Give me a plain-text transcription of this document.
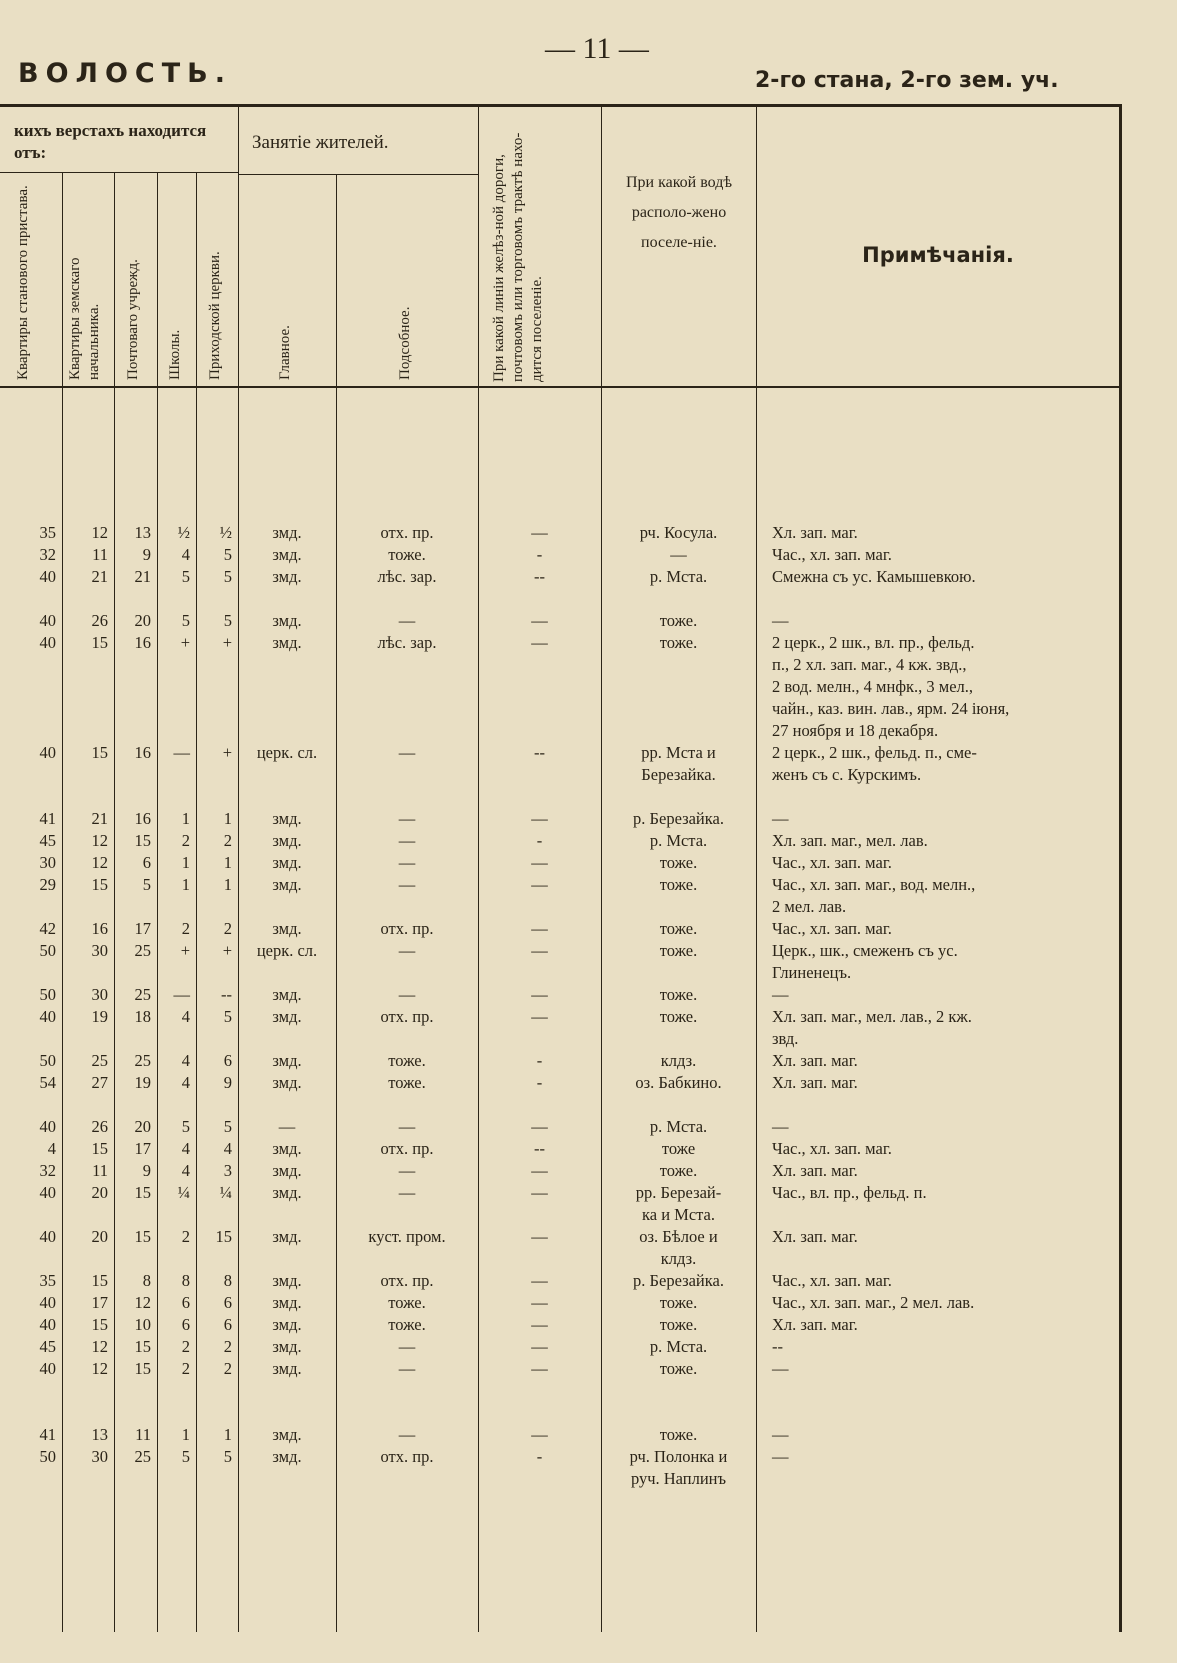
ВОЛОСТЬ.
— 11 —
2-го стана, 2-го зем. уч.
кихъ верстахъ находится отъ:	Занятіе жителей.
Квартиры станового пристава.	Квартиры земскаго начальника.	Почтоваго учрежд.	Школы.	Приходской церкви.	Главное.	Подсобное.	При какой линіи желѣз-ной дороги, почтовомъ или торговомъ трактѣ нахо-дится поселеніе.
При какой водѣ располо-жено поселе-ніе.
Примѣчанія.
35	12	13	½	½	змд.	отх. пр.	—	рч. Косула.	Хл. зап. маг.
32	11	9	4	5	змд.	тоже.	-	—	Час., хл. зап. маг.
40	21	21	5	5	змд.	лѣс. зар.	--	р. Мста.	Смежна съ ус. Камышевкою.

40	26	20	5	5	змд.	—	—	тоже.	—
40	15	16	+	+	змд.	лѣс. зар.	—	тоже.	2 церк., 2 шк., вл. пр., фельд.
									п., 2 хл. зап. маг., 4 кж. звд.,
									2 вод. мелн., 4 мнфк., 3 мел.,
									чайн., каз. вин. лав., ярм. 24 іюня,
									27 ноября и 18 декабря.
40	15	16	—	+	церк. сл.	—	--	рр. Мста и	2 церк., 2 шк., фельд. п., сме-
								Березайка.	женъ съ с. Курскимъ.

41	21	16	1	1	змд.	—	—	р. Березайка.	—
45	12	15	2	2	змд.	—	-	р. Мста.	Хл. зап. маг., мел. лав.
30	12	6	1	1	змд.	—	—	тоже.	Час., хл. зап. маг.
29	15	5	1	1	змд.	—	—	тоже.	Час., хл. зап. маг., вод. мелн.,
									2 мел. лав.
42	16	17	2	2	змд.	отх. пр.	—	тоже.	Час., хл. зап. маг.
50	30	25	+	+	церк. сл.	—	—	тоже.	Церк., шк., смеженъ съ ус.
									Глиненецъ.
50	30	25	—	--	змд.	—	—	тоже.	—
40	19	18	4	5	змд.	отх. пр.	—	тоже.	Хл. зап. маг., мел. лав., 2 кж.
									звд.
50	25	25	4	6	змд.	тоже.	-	клдз.	Хл. зап. маг.
54	27	19	4	9	змд.	тоже.	-	оз. Бабкино.	Хл. зап. маг.

40	26	20	5	5	—	—	—	р. Мста.	—
4	15	17	4	4	змд.	отх. пр.	--	тоже	Час., хл. зап. маг.
32	11	9	4	3	змд.	—	—	тоже.	Хл. зап. маг.
40	20	15	¼	¼	змд.	—	—	рр. Березай-	Час., вл. пр., фельд. п.
								ка и Мста.	
40	20	15	2	15	змд.	куст. пром.	—	оз. Бѣлое и	Хл. зап. маг.
								клдз.	
35	15	8	8	8	змд.	отх. пр.	—	р. Березайка.	Час., хл. зап. маг.
40	17	12	6	6	змд.	тоже.	—	тоже.	Час., хл. зап. маг., 2 мел. лав.
40	15	10	6	6	змд.	тоже.	—	тоже.	Хл. зап. маг.
45	12	15	2	2	змд.	—	—	р. Мста.	--
40	12	15	2	2	змд.	—	—	тоже.	—

41	13	11	1	1	змд.	—	—	тоже.	—
50	30	25	5	5	змд.	отх. пр.	-	рч. Полонка и	—
								руч. Наплинъ	
